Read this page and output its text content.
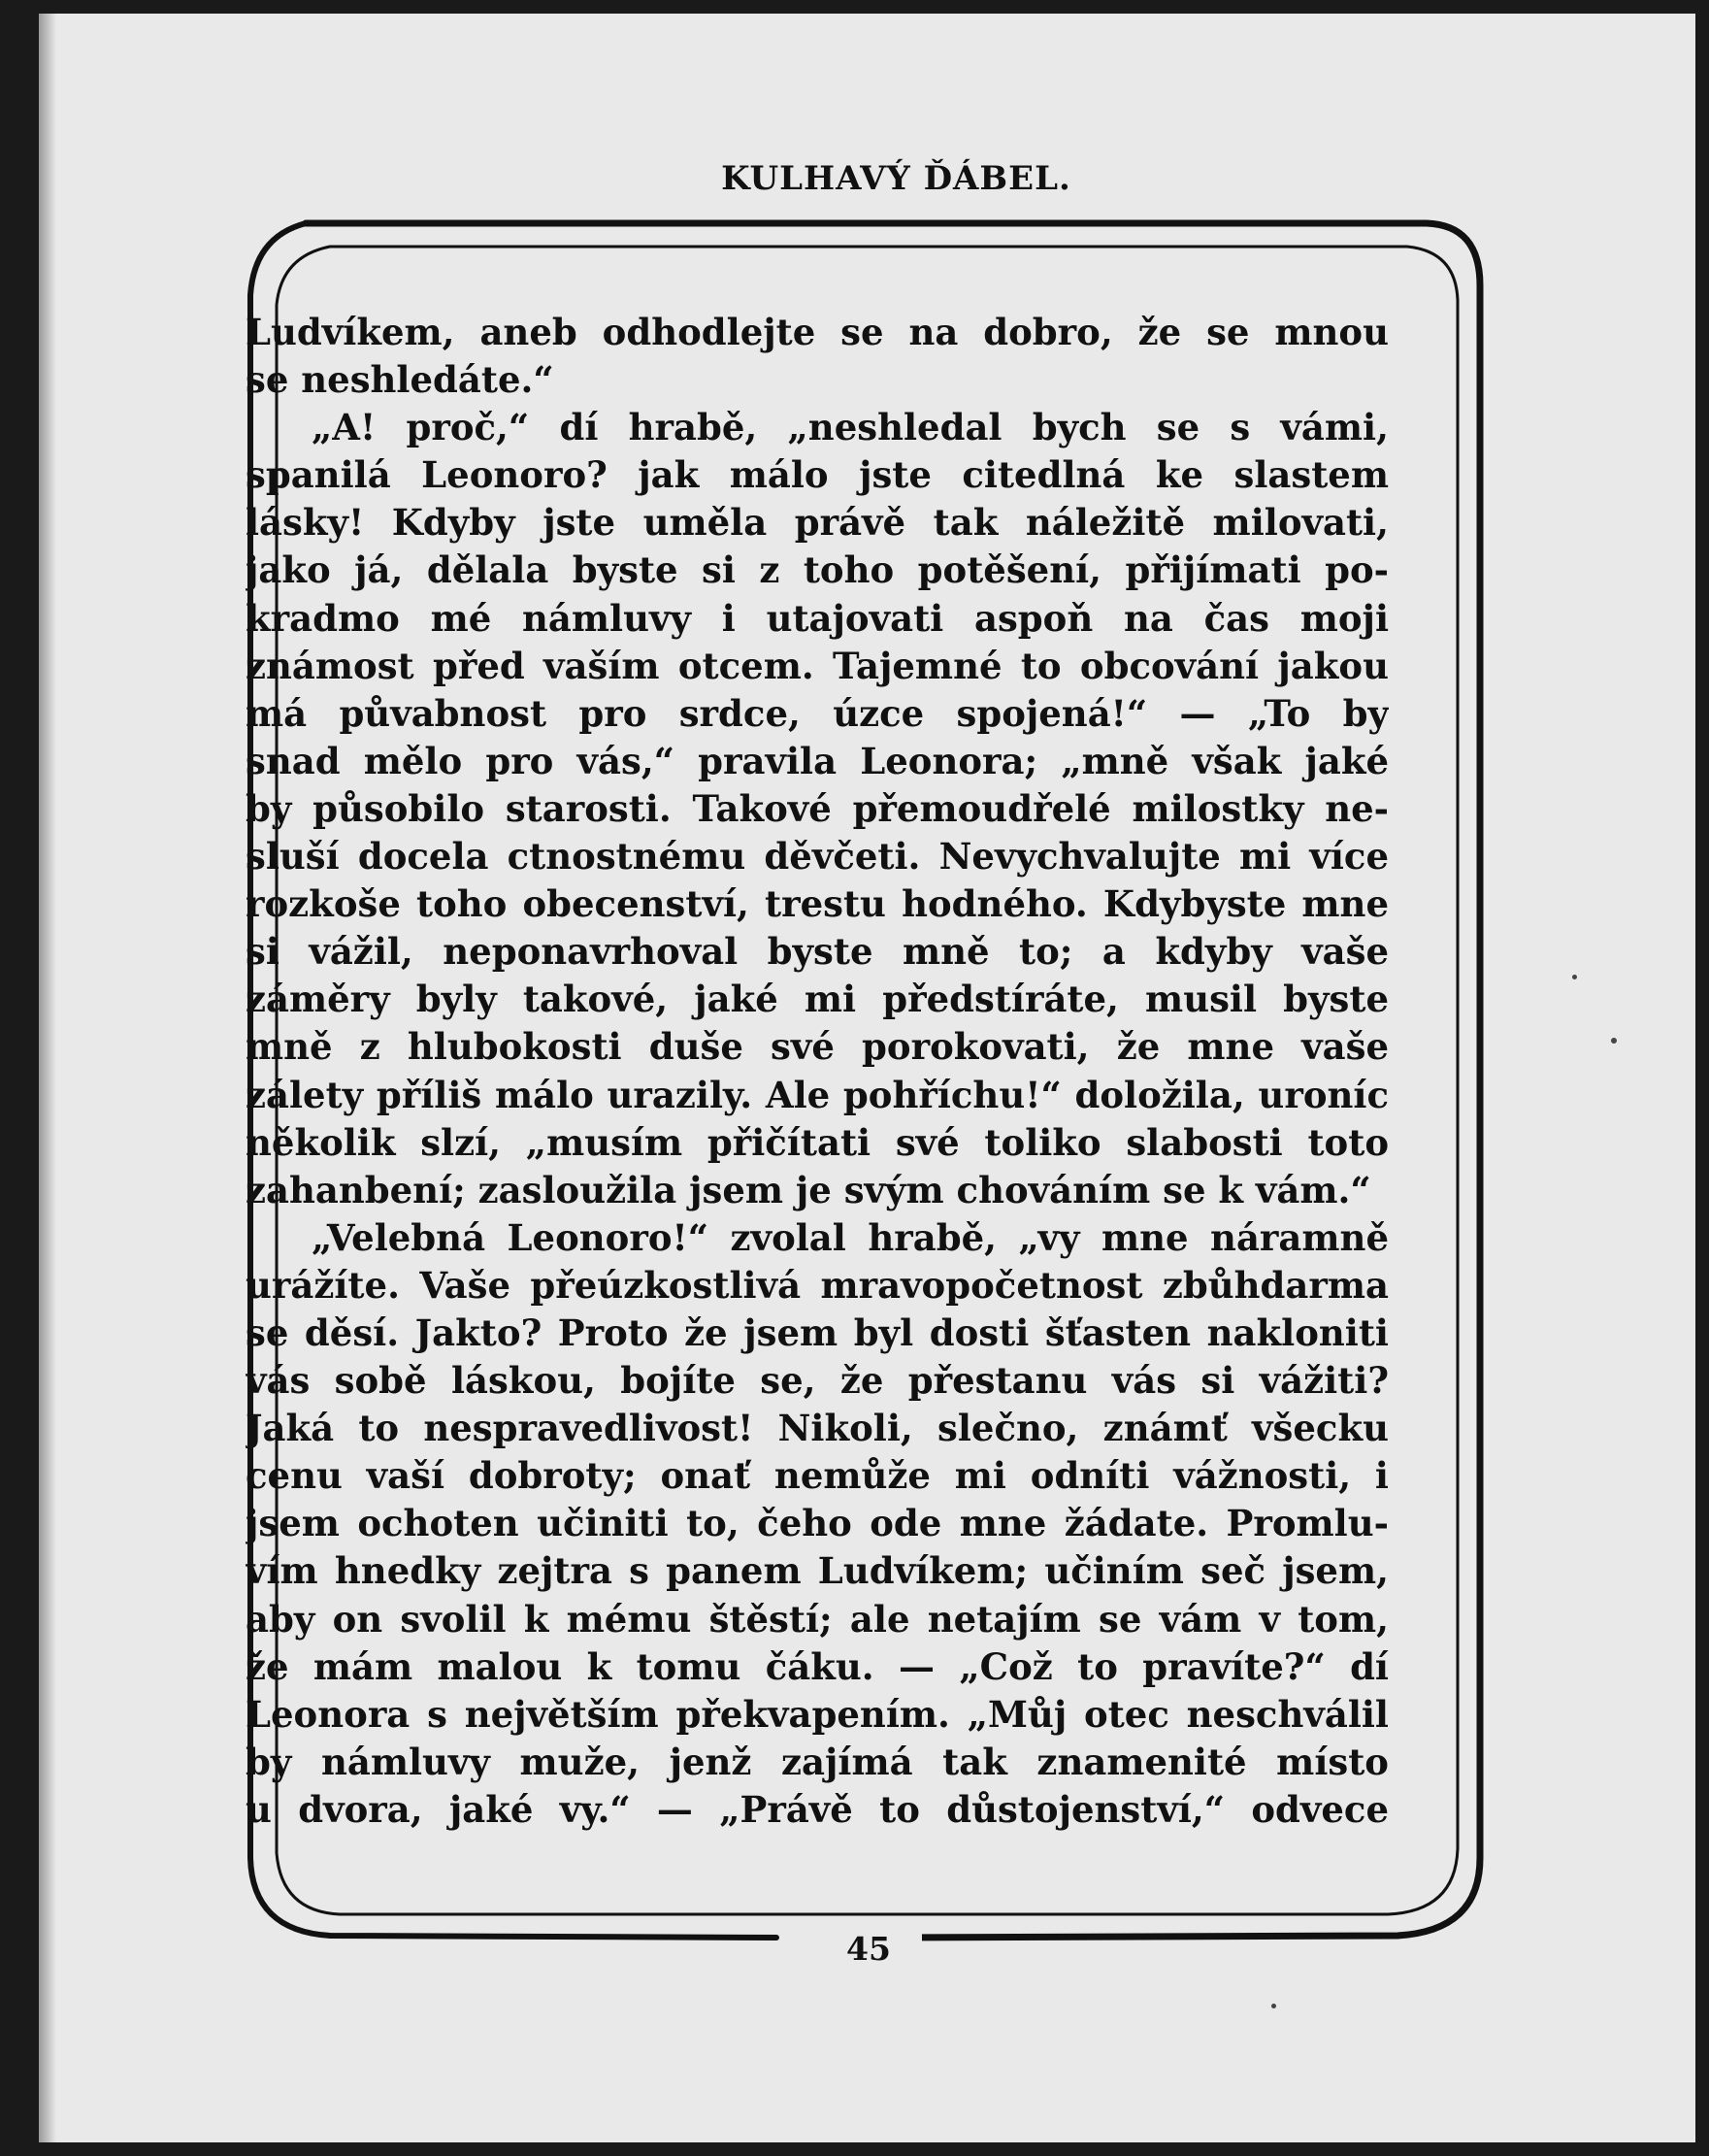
KULHAVÝ ĎÁBEL.
45
Ludvíkem, aneb odhodlejte se na dobro, že se mnou
se neshledáte.“
„A! proč,“ dí hrabě, „neshledal bych se s vámi,
spanilá Leonoro? jak málo jste citedlná ke slastem
lásky! Kdyby jste uměla právě tak náležitě milovati,
jako já, dělala byste si z toho potěšení, přijímati po-
kradmo mé námluvy i utajovati aspoň na čas moji
známost před vaším otcem. Tajemné to obcování jakou
má půvabnost pro srdce, úzce spojená!“ — „To by
snad mělo pro vás,“ pravila Leonora; „mně však jaké
by působilo starosti. Takové přemoudřelé milostky ne-
sluší docela ctnostnému děvčeti. Nevychvalujte mi více
rozkoše toho obecenství, trestu hodného. Kdybyste mne
si vážil, neponavrhoval byste mně to; a kdyby vaše
záměry byly takové, jaké mi předstíráte, musil byste
mně z hlubokosti duše své porokovati, že mne vaše
zálety příliš málo urazily. Ale pohříchu!“ doložila, uroníc
několik slzí, „musím přičítati své toliko slabosti toto
zahanbení; zasloužila jsem je svým chováním se k vám.“
„Velebná Leonoro!“ zvolal hrabě, „vy mne náramně
urážíte. Vaše přeúzkostlivá mravopočetnost zbůhdarma
se děsí. Jakto? Proto že jsem byl dosti šťasten nakloniti
vás sobě láskou, bojíte se, že přestanu vás si vážiti?
Jaká to nespravedlivost! Nikoli, slečno, známť všecku
cenu vaší dobroty; onať nemůže mi odníti vážnosti, i
jsem ochoten učiniti to, čeho ode mne žádate. Promlu-
vím hnedky zejtra s panem Ludvíkem; učiním seč jsem,
aby on svolil k mému štěstí; ale netajím se vám v tom,
že mám malou k tomu čáku. — „Což to pravíte?“ dí
Leonora s největším překvapením. „Můj otec neschválil
by námluvy muže, jenž zajímá tak znamenité místo
u dvora, jaké vy.“ — „Právě to důstojenství,“ odvece
